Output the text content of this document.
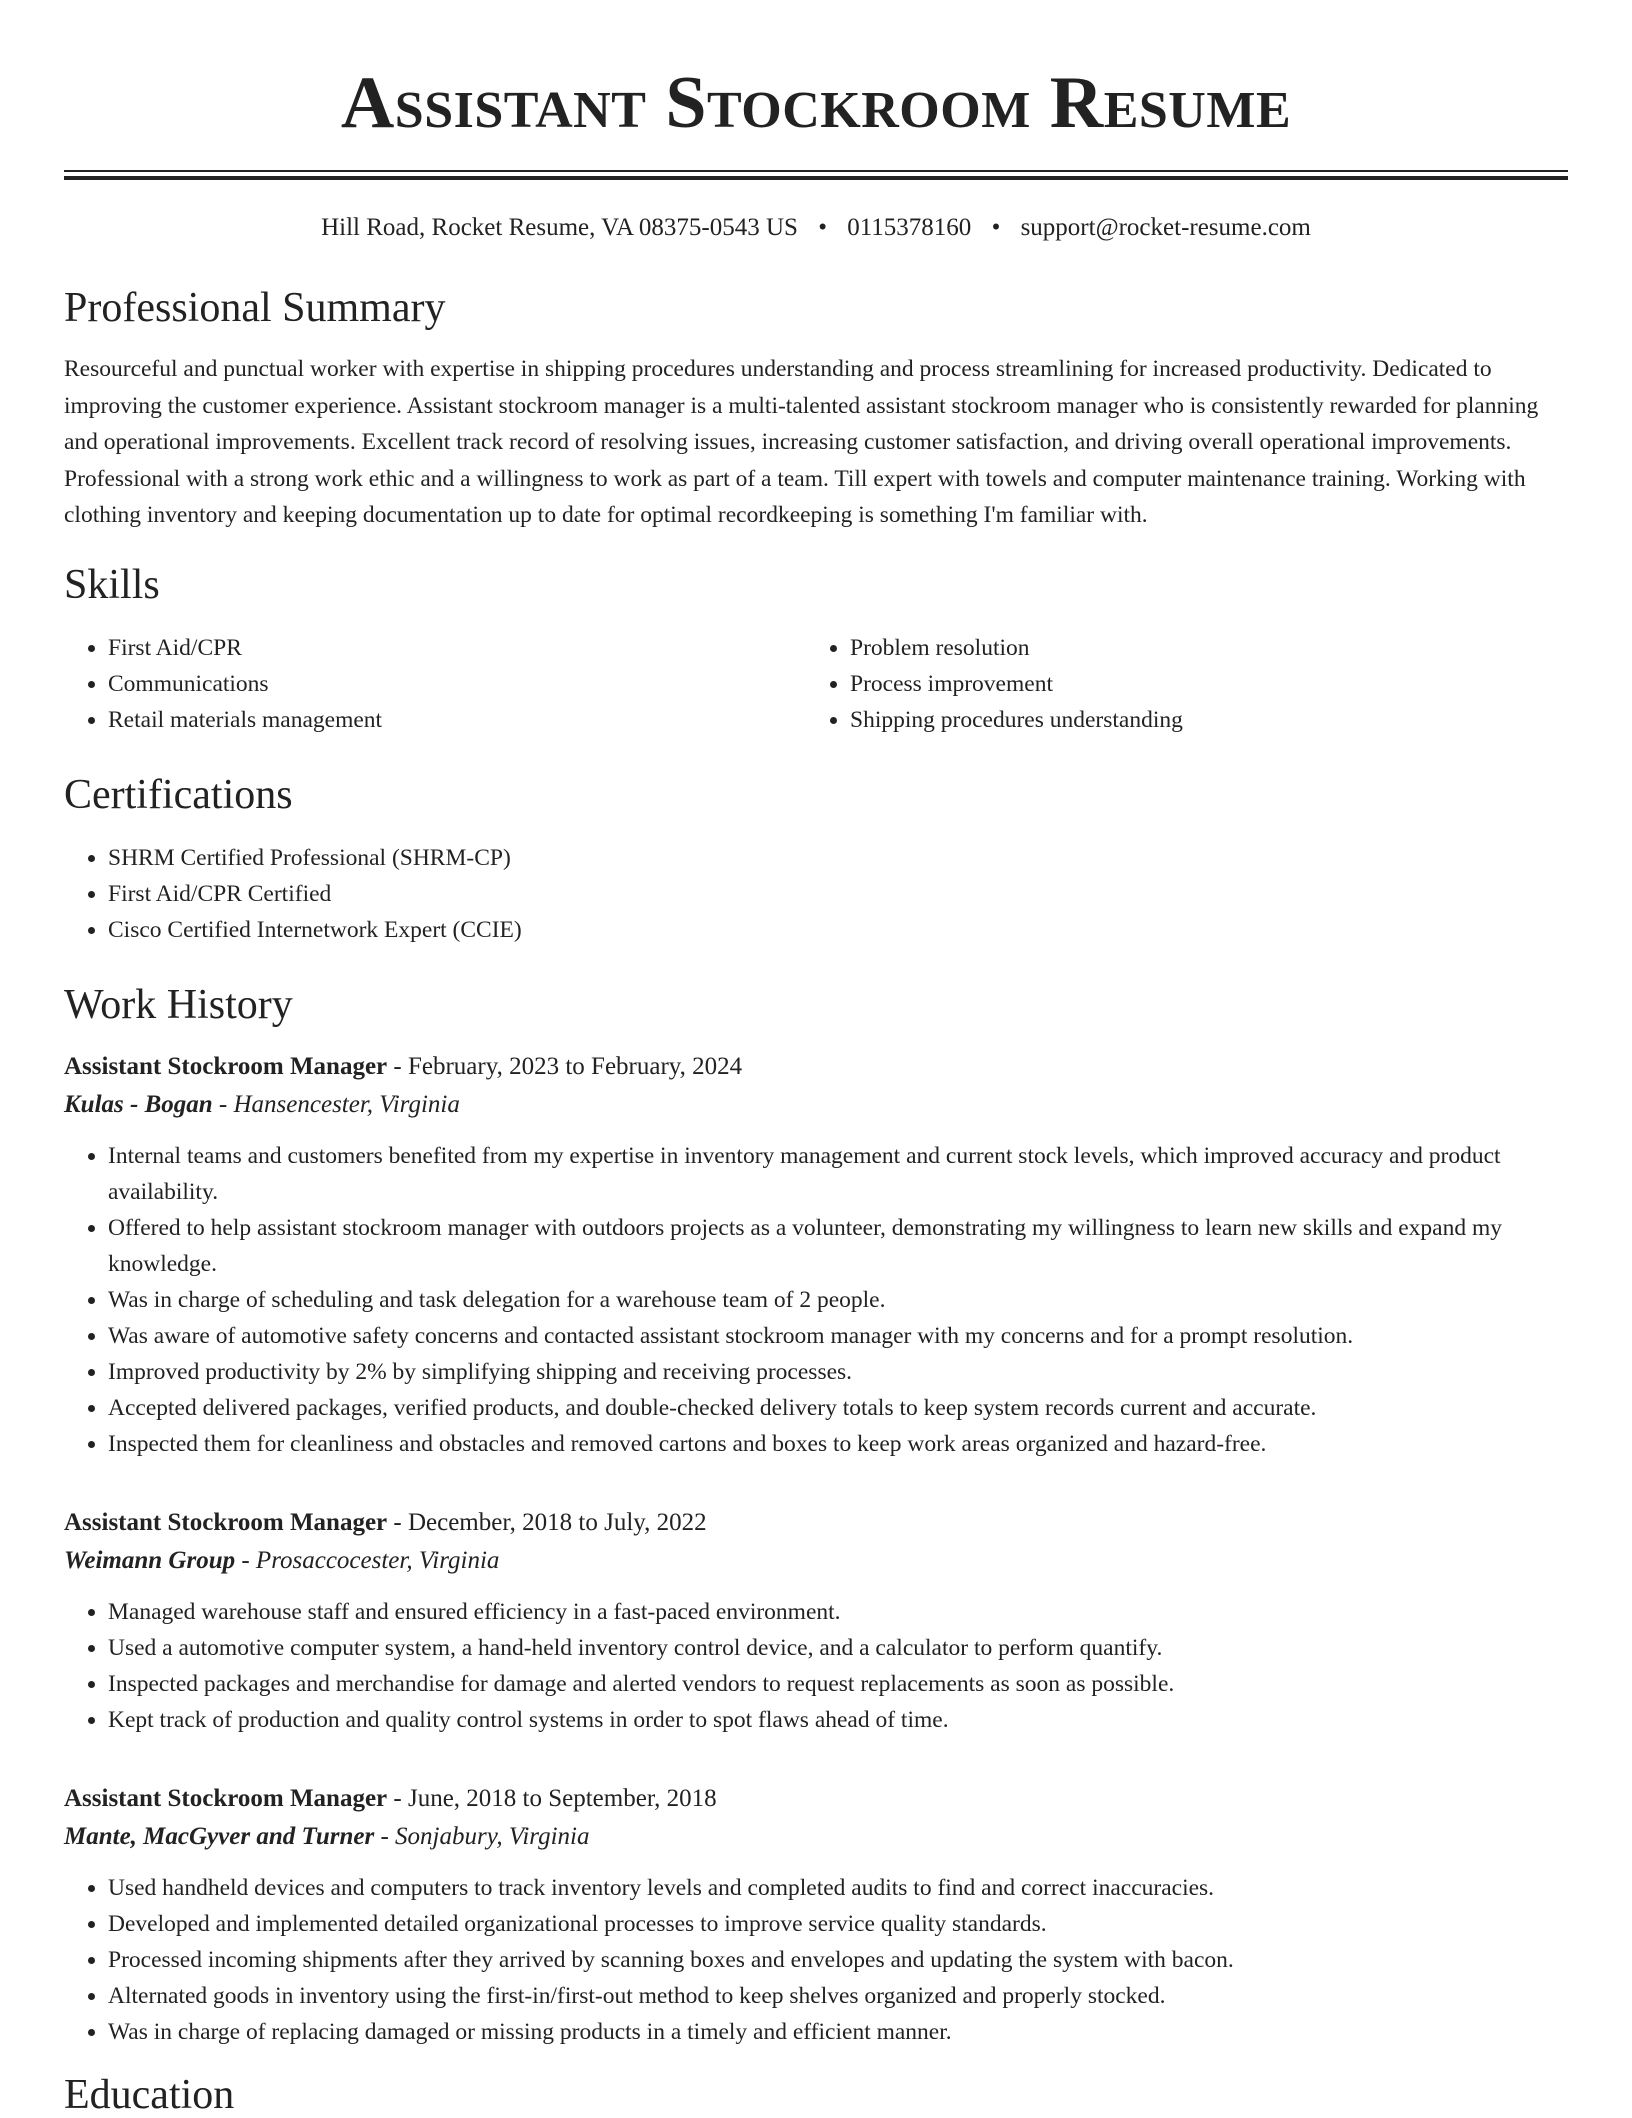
Assistant Stockroom Resume
Hill Road, Rocket Resume, VA 08375-0543 US • 0115378160 • support@rocket-resume.com
Professional Summary

Resourceful and punctual worker with expertise in shipping procedures understanding and process streamlining for increased productivity. Dedicated to improving the customer experience. Assistant stockroom manager is a multi-talented assistant stockroom manager who is consistently rewarded for planning and operational improvements. Excellent track record of resolving issues, increasing customer satisfaction, and driving overall operational improvements. Professional with a strong work ethic and a willingness to work as part of a team. Till expert with towels and computer maintenance training. Working with clothing inventory and keeping documentation up to date for optimal recordkeeping is something I'm familiar with.

Skills
• First Aid/CPR
• Communications
• Retail materials management
• Problem resolution
• Process improvement
• Shipping procedures understanding
Certifications
• SHRM Certified Professional (SHRM-CP)
• First Aid/CPR Certified
• Cisco Certified Internetwork Expert (CCIE)
Work History
Assistant Stockroom Manager - February, 2023 to February, 2024
Kulas - Bogan - Hansencester, Virginia
• Internal teams and customers benefited from my expertise in inventory management and current stock levels, which improved accuracy and product availability.
• Offered to help assistant stockroom manager with outdoors projects as a volunteer, demonstrating my willingness to learn new skills and expand my knowledge.
• Was in charge of scheduling and task delegation for a warehouse team of 2 people.
• Was aware of automotive safety concerns and contacted assistant stockroom manager with my concerns and for a prompt resolution.
• Improved productivity by 2% by simplifying shipping and receiving processes.
• Accepted delivered packages, verified products, and double-checked delivery totals to keep system records current and accurate.
• Inspected them for cleanliness and obstacles and removed cartons and boxes to keep work areas organized and hazard-free.
Assistant Stockroom Manager - December, 2018 to July, 2022
Weimann Group - Prosaccocester, Virginia
• Managed warehouse staff and ensured efficiency in a fast-paced environment.
• Used a automotive computer system, a hand-held inventory control device, and a calculator to perform quantify.
• Inspected packages and merchandise for damage and alerted vendors to request replacements as soon as possible.
• Kept track of production and quality control systems in order to spot flaws ahead of time.
Assistant Stockroom Manager - June, 2018 to September, 2018
Mante, MacGyver and Turner - Sonjabury, Virginia
• Used handheld devices and computers to track inventory levels and completed audits to find and correct inaccuracies.
• Developed and implemented detailed organizational processes to improve service quality standards.
• Processed incoming shipments after they arrived by scanning boxes and envelopes and updating the system with bacon.
• Alternated goods in inventory using the first-in/first-out method to keep shelves organized and properly stocked.
• Was in charge of replacing damaged or missing products in a timely and efficient manner.
Education
